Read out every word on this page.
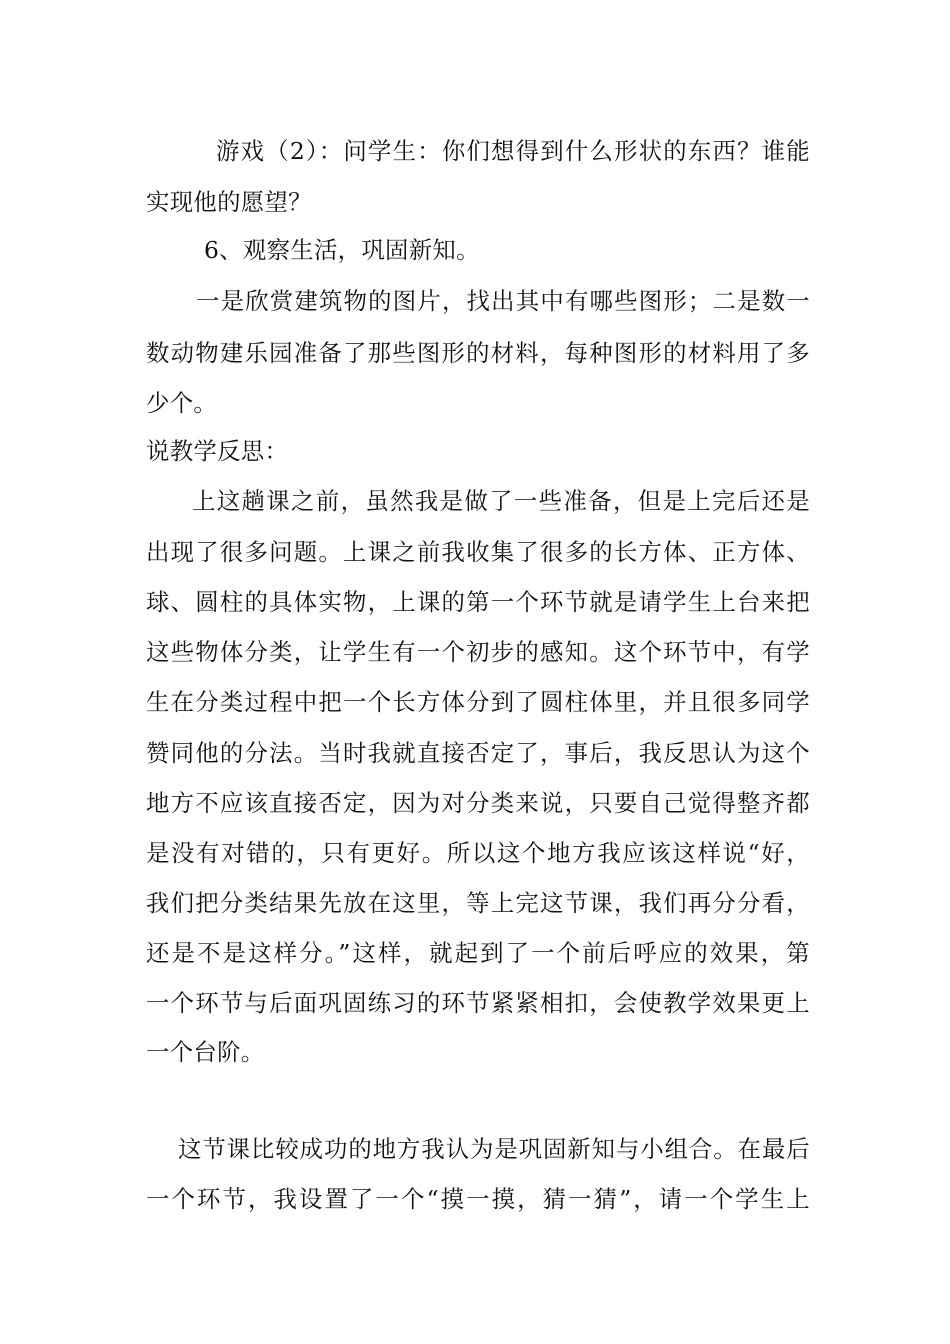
游戏（2）：问学生：你们想得到什么形状的东西？谁能
实现他的愿望？
6、观察生活，巩固新知。
一是欣赏建筑物的图片，找出其中有哪些图形；二是数一
数动物建乐园准备了那些图形的材料，每种图形的材料用了多
少个。
说教学反思：
上这趟课之前，虽然我是做了一些准备，但是上完后还是
出现了很多问题。上课之前我收集了很多的长方体、正方体、
球、圆柱的具体实物，上课的第一个环节就是请学生上台来把
这些物体分类，让学生有一个初步的感知。这个环节中，有学
生在分类过程中把一个长方体分到了圆柱体里，并且很多同学
赞同他的分法。当时我就直接否定了，事后，我反思认为这个
地方不应该直接否定，因为对分类来说，只要自己觉得整齐都
是没有对错的，只有更好。所以这个地方我应该这样说“好，
我们把分类结果先放在这里，等上完这节课，我们再分分看，
还是不是这样分。”这样，就起到了一个前后呼应的效果，第
一个环节与后面巩固练习的环节紧紧相扣，会使教学效果更上
一个台阶。
这节课比较成功的地方我认为是巩固新知与小组合。在最后
一个环节，我设置了一个“摸一摸，猜一猜”，请一个学生上
